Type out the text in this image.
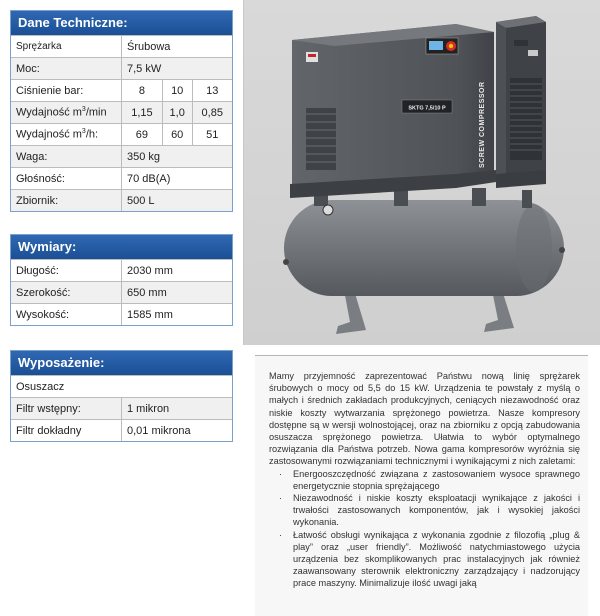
Dane Techniczne:
Sprężarka	Śrubowa		
Moc:	7,5 kW		
Ciśnienie bar:	8	10	13
Wydajność $m^3/\min$	1,15	1,0	0,85
Wydajność $m^3/h$:	69	60	51
Waga:	350 kg		
Głośność:	70 dB(A)		
Zbiornik:	500 L		
Wymiary:
Długość:	2030 mm
Szerokość:	650 mm
Wysokość:	1585 mm
Wyposażenie:
Osuszacz	
Filtr wstępny:	1 mikron
Filtr dokładny	0,01 mikrona
SKTG 7,5/10 P	SCREW COMPRESSOR

Mamy przyjemność zaprezentować Państwu nową linię sprężarek śrubowych o mocy od 5,5 do 15 kW. Urządzenia te powstały z myślą o małych i średnich zakładach produkcyjnych, ceniących niezawodność oraz niskie koszty wytwarzania sprężonego powietrza. Nasze kompresory dostępne są w wersji wolnostojącej, oraz na zbiorniku z opcją zabudowania osuszacza sprężonego powietrza. Ułatwia to wybór optymalnego rozwiązania dla Państwa potrzeb. Nowa gama kompresorów wyróżnia się zastosowanymi rozwiązaniami technicznymi i wynikającymi z nich zaletami:

· Energooszczędność związana z zastosowaniem wysoce sprawnego energetycznie stopnia sprężającego
· Niezawodność i niskie koszty eksploatacji wynikające z jakości i trwałości zastosowanych komponentów, jak i wysokiej jakości wykonania.
· Łatwość obsługi wynikająca z wykonania zgodnie z filozofią „plug & play” oraz „user friendly”. Możliwość natychmiastowego użycia urządzenia bez skomplikowanych prac instalacyjnych jak również zaawansowany sterownik elektroniczny zarządzający i nadzorujący prace maszyny. Minimalizuje ilość uwagi jaką
